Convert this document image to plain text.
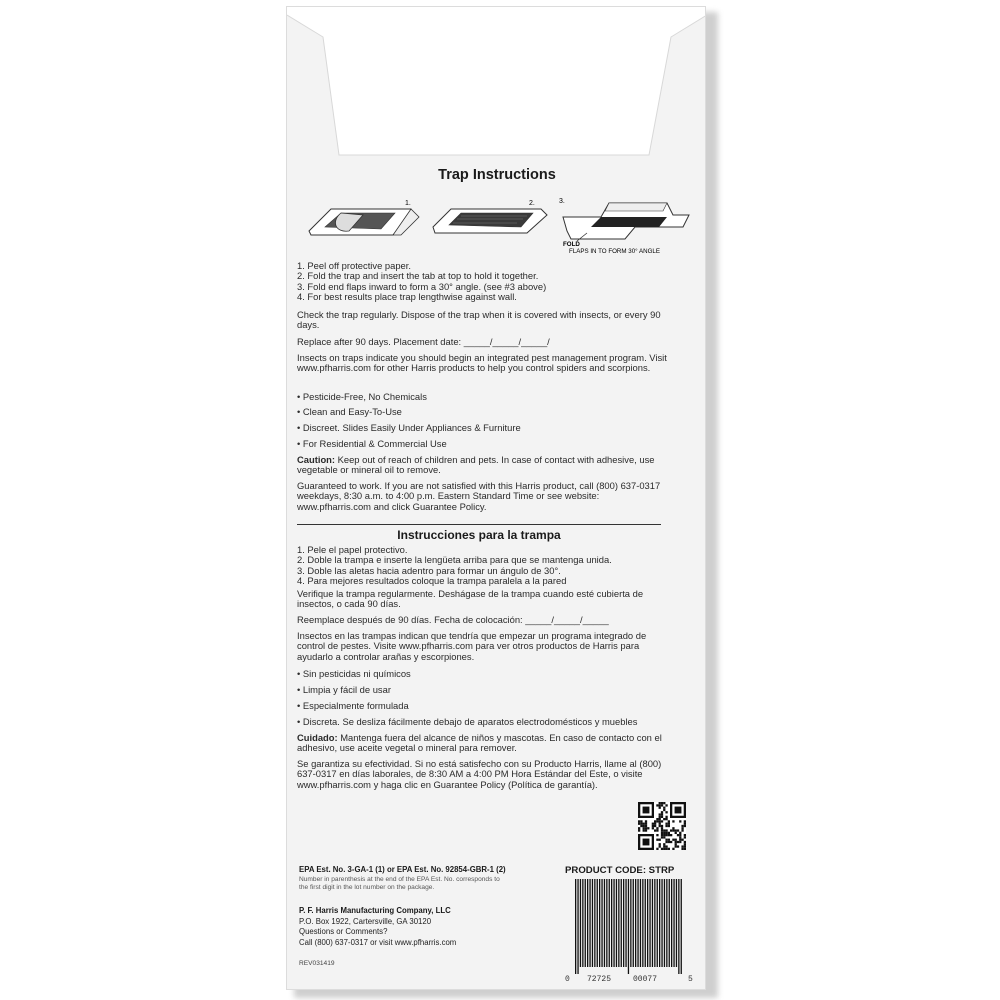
Trap Instructions
1.	2.	3.
FOLD
FLAPS IN TO FORM 30° ANGLE

1. Peel off protective paper.

2. Fold the trap and insert the tab at top to hold it together.

3. Fold end flaps inward to form a 30° angle. (see #3 above)

4. For best results place trap lengthwise against wall.

Check the trap regularly. Dispose of the trap when it is covered with insects, or every 90 days.
Replace after 90 days. Placement date: _____/_____/_____/
Insects on traps indicate you should begin an integrated pest management program. Visit www.pfharris.com for other Harris products to help you control spiders and scorpions.
• Pesticide-Free, No Chemicals
• Clean and Easy-To-Use
• Discreet. Slides Easily Under Appliances & Furniture
• For Residential & Commercial Use
Caution: Keep out of reach of children and pets. In case of contact with adhesive, use vegetable or mineral oil to remove.
Guaranteed to work. If you are not satisfied with this Harris product, call (800) 637-0317 weekdays, 8:30 a.m. to 4:00 p.m. Eastern Standard Time or see website: www.pfharris.com and click Guarantee Policy.
Instrucciones para la trampa

1. Pele el papel protectivo.

2. Doble la trampa e inserte la lengüeta arriba para que se mantenga unida.

3. Doble las aletas hacia adentro para formar un ángulo de 30°.

4. Para mejores resultados coloque la trampa paralela a la pared

Verifique la trampa regularmente. Deshágase de la trampa cuando esté cubierta de insectos, o cada 90 días.
Reemplace después de 90 días. Fecha de colocación: _____/_____/_____
Insectos en las trampas indican que tendría que empezar un programa integrado de control de pestes. Visite www.pfharris.com para ver otros productos de Harris para ayudarlo a controlar arañas y escorpiones.
• Sin pesticidas ni químicos
• Limpia y fácil de usar
• Especialmente formulada
• Discreta. Se desliza fácilmente debajo de aparatos electrodomésticos y muebles
Cuidado: Mantenga fuera del alcance de niños y mascotas. En caso de contacto con el adhesivo, use aceite vegetal o mineral para remover.
Se garantiza su efectividad. Si no está satisfecho con su Producto Harris, llame al (800) 637-0317 en días laborales, de 8:30 AM a 4:00 PM Hora Estándar del Este, o visite www.pfharris.com y haga clic en Guarantee Policy (Política de garantía).
EPA Est. No. 3-GA-1 (1) or EPA Est. No. 92854-GBR-1 (2)
Number in parenthesis at the end of the EPA Est. No. corresponds to the first digit in the lot number on the package.
P. F. Harris Manufacturing Company, LLC
P.O. Box 1922, Cartersville, GA 30120
Questions or Comments?
Call (800) 637-0317 or visit www.pfharris.com
REV031419
PRODUCT CODE: STRP
0 72725	00077	5
